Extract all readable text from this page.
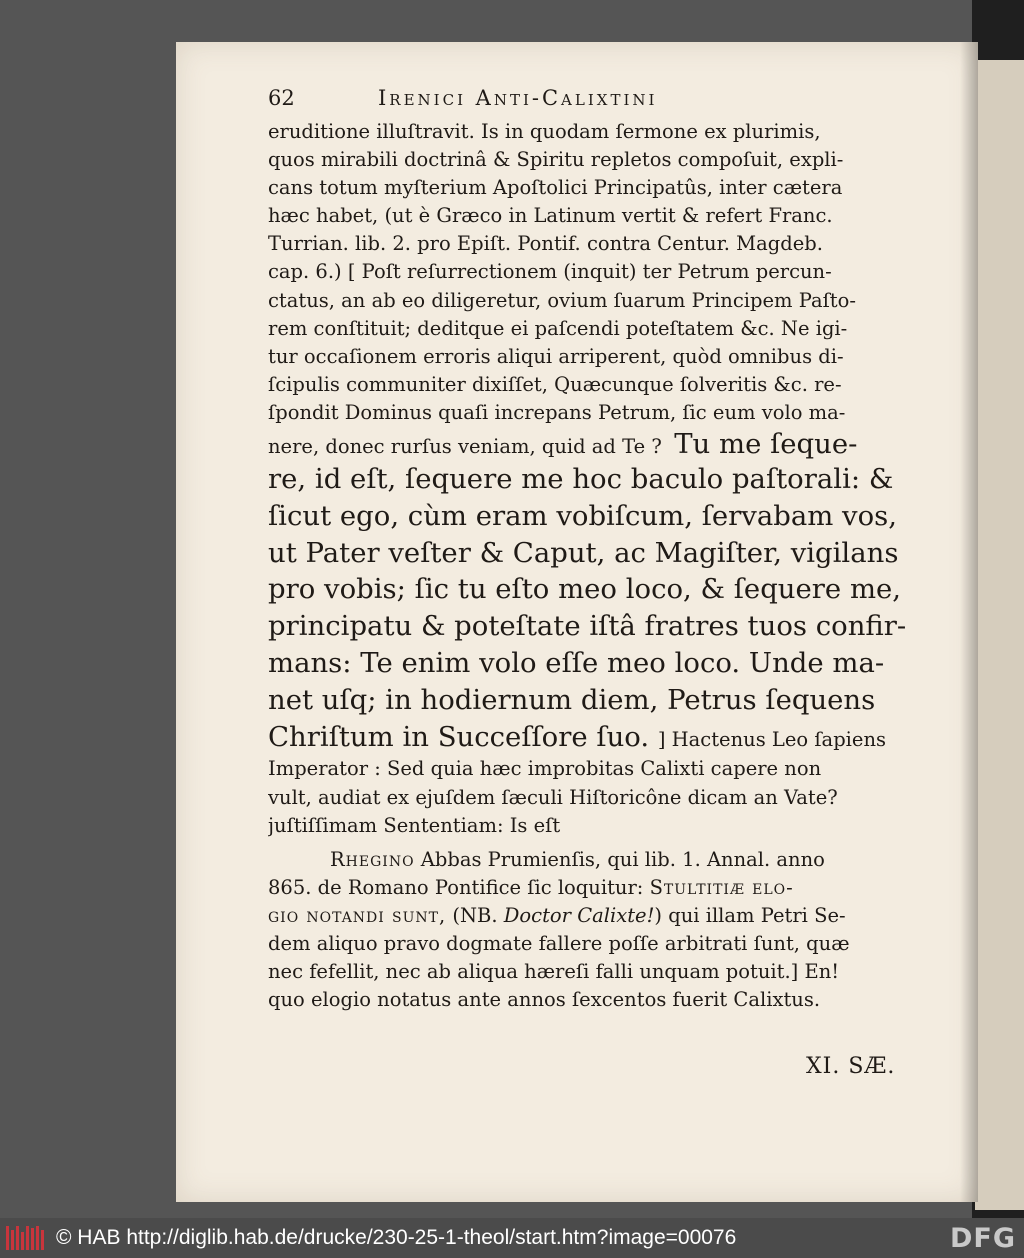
62	Irenici Anti-Calixtini
eruditione illuſtravit. Is in quodam ſermone ex plurimis,
quos mirabili doctrinâ & Spiritu repletos compoſuit, expli-
cans totum myſterium Apoſtolici Principatûs, inter cætera
hæc habet, (ut è Græco in Latinum vertit & refert Franc.
Turrian. lib. 2. pro Epiſt. Pontif. contra Centur. Magdeb.
cap. 6.) [ Poſt reſurrectionem (inquit) ter Petrum percun-
ctatus, an ab eo diligeretur, ovium ſuarum Principem Paſto-
rem conſtituit; deditque ei paſcendi poteſtatem &c. Ne igi-
tur occaſionem erroris aliqui arriperent, quòd omnibus di-
ſcipulis communiter dixiſſet, Quæcunque ſolveritis &c. re-
ſpondit Dominus quaſi increpans Petrum, ſic eum volo ma-
nere, donec rurſus veniam, quid ad Te ? Tu me ſeque-
re, id eſt, ſequere me hoc baculo paſtorali: &
ſicut ego, cùm eram vobiſcum, ſervabam vos,
ut Pater veſter & Caput, ac Magiſter, vigilans
pro vobis; ſic tu eſto meo loco, & ſequere me,
principatu & poteſtate iſtâ fratres tuos confir-
mans: Te enim volo eſſe meo loco. Unde ma-
net uſq; in hodiernum diem, Petrus ſequens
Chriſtum in Succeſſore ſuo. ] Hactenus Leo ſapiens
Imperator : Sed quia hæc improbitas Calixti capere non
vult, audiat ex ejuſdem ſæculi Hiſtoricône dicam an Vate?
juſtiſſimam Sententiam: Is eſt
Rhegino Abbas Prumienſis, qui lib. 1. Annal. anno
865. de Romano Pontifice ſic loquitur: Stultitiæ elo-
gio notandi sunt, (NB. Doctor Calixte!) qui illam Petri Se-
dem aliquo pravo dogmate fallere poſſe arbitrati ſunt, quæ
nec fefellit, nec ab aliqua hæreſi falli unquam potuit.] En!
quo elogio notatus ante annos ſexcentos fuerit Calixtus.
XI. SÆ.
© HAB http://diglib.hab.de/drucke/230-25-1-theol/start.htm?image=00076	DFG
